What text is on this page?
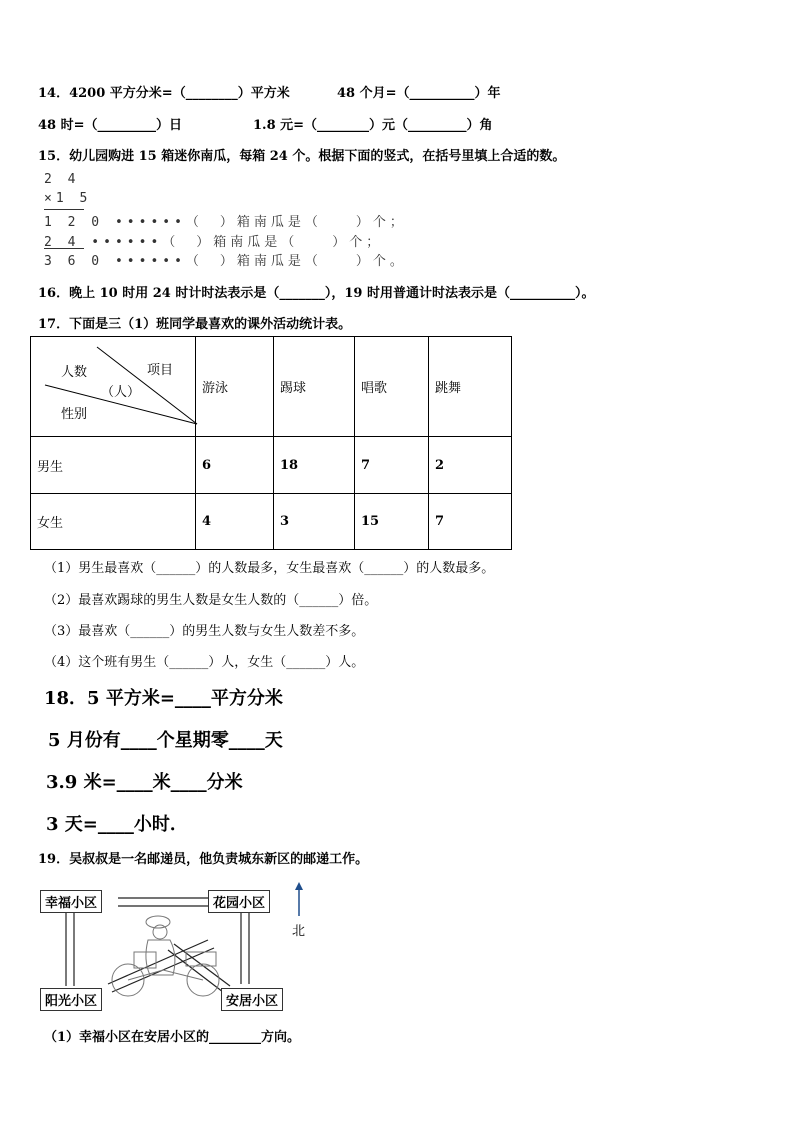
14．4200 平方分米=（________）平方米	48 个月=（__________）年
48 时=（_________）日	1.8 元=（________）元（_________）角
15．幼儿园购进 15 箱迷你南瓜，每箱 24 个。根据下面的竖式，在括号里填上合适的数。
2 4
×1 5
1 2 0 ••••••（　）箱南瓜是（　　）个；
2 4 ••••••（　）箱南瓜是（　　）个；
3 6 0 ••••••（　）箱南瓜是（　　）个。
16．晚上 10 时用 24 时计时法表示是（_______），19 时用普通计时法表示是（__________）。
17．下面是三（1）班同学最喜欢的课外活动统计表。
项目
人数
（人）
性别	游泳	踢球	唱歌	跳舞
男生	6	18	7	2
女生	4	3	15	7
（1）男生最喜欢（______）的人数最多，女生最喜欢（______）的人数最多。
（2）最喜欢踢球的男生人数是女生人数的（______）倍。
（3）最喜欢（______）的男生人数与女生人数差不多。
（4）这个班有男生（______）人，女生（______）人。
18．5 平方米=____平方分米
5 月份有____个星期零____天
3.9 米=____米____分米
3 天=____小时．
19．吴叔叔是一名邮递员，他负责城东新区的邮递工作。
幸福小区	花园小区
阳光小区	安居小区
北
（1）幸福小区在安居小区的________方向。
